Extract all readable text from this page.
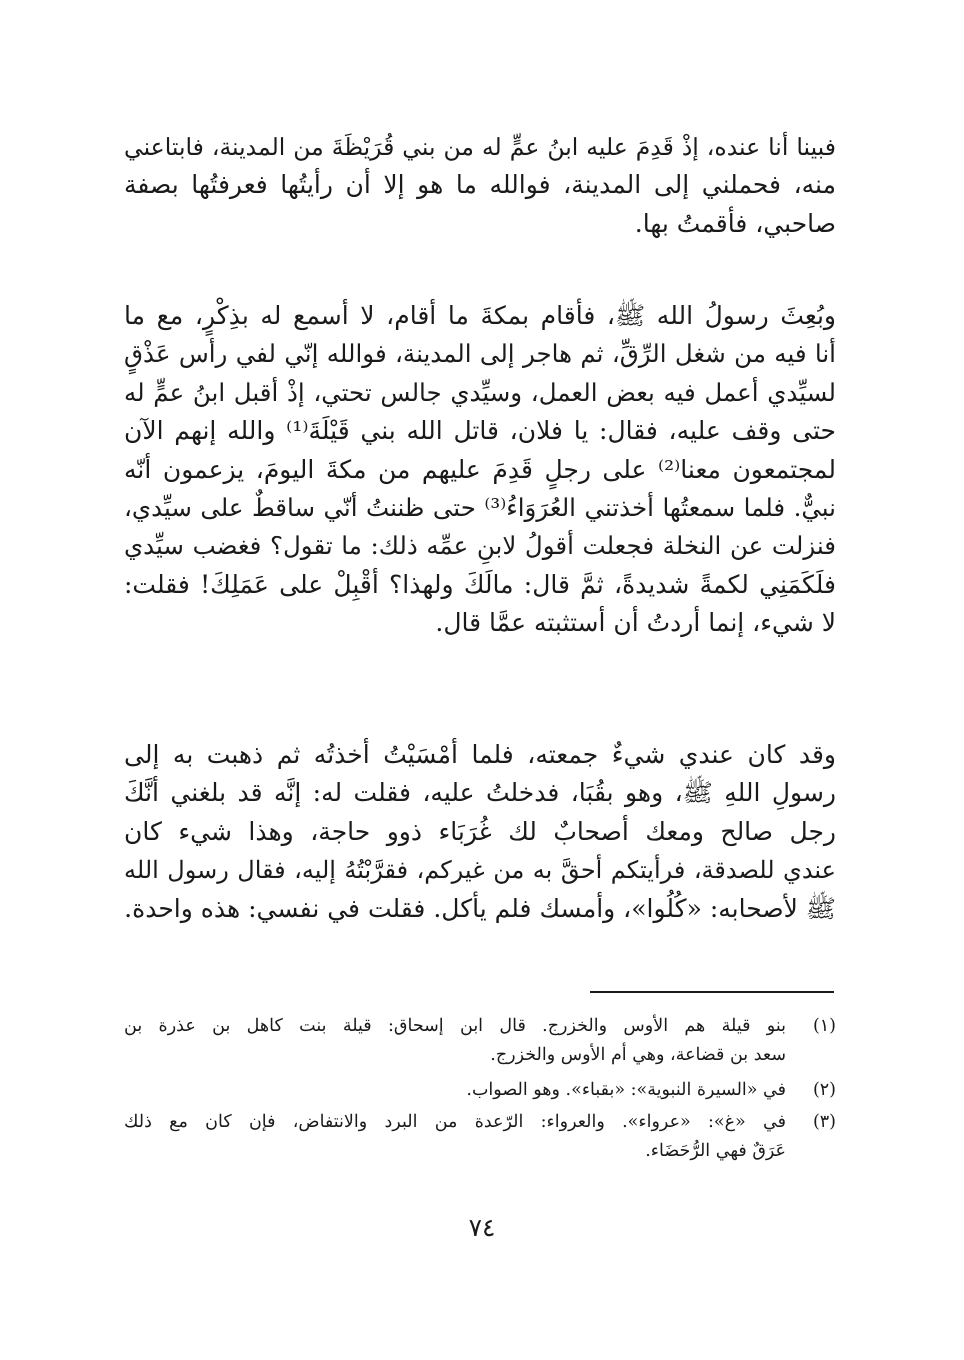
فبينا أنا عنده، إذْ قَدِمَ عليه ابنُ عمٍّ له من بني قُرَيْظَةَ من المدينة، فابتاعني
منه، فحملني إلى المدينة، فوالله ما هو إلا أن رأيتُها فعرفتُها بصفة
صاحبي، فأقمتُ بها.
وبُعِثَ رسولُ الله ﷺ، فأقام بمكةَ ما أقام، لا أسمع له بذِكْرٍ، مع ما
أنا فيه من شغل الرِّقِّ، ثم هاجر إلى المدينة، فوالله إنّي لفي رأس عَذْقٍ
لسيِّدي أعمل فيه بعض العمل، وسيِّدي جالس تحتي، إذْ أقبل ابنُ عمٍّ له
حتى وقف عليه، فقال: يا فلان، قاتل الله بني قَيْلَةَ⁽¹⁾ والله إنهم الآن
لمجتمعون معنا⁽²⁾ على رجلٍ قَدِمَ عليهم من مكةَ اليومَ، يزعمون أنّه
نبيٌّ. فلما سمعتُها أخذتني العُرَوَاءُ⁽³⁾ حتى ظننتُ أنّي ساقطٌ على سيِّدي،
فنزلت عن النخلة فجعلت أقولُ لابنِ عمِّه ذلك: ما تقول؟ فغضب سيِّدي
فلَكَمَنِي لكمةً شديدةً، ثمَّ قال: مالَكَ ولهذا؟ أقْبِلْ على عَمَلِكَ! فقلت:
لا شيء، إنما أردتُ أن أستثبته عمَّا قال.
وقد كان عندي شيءٌ جمعته، فلما أمْسَيْتُ أخذتُه ثم ذهبت به إلى
رسولِ اللهِ ﷺ، وهو بقُبَا، فدخلتُ عليه، فقلت له: إنَّه قد بلغني أنَّكَ
رجل صالح ومعك أصحابٌ لك غُرَبَاء ذوو حاجة، وهذا شيء كان
عندي للصدقة، فرأيتكم أحقَّ به من غيركم، فقرَّبْتُهُ إليه، فقال رسول الله
ﷺ لأصحابه: «كُلُوا»، وأمسك فلم يأكل. فقلت في نفسي: هذه واحدة.
(١)
بنو قيلة هم الأوس والخزرج. قال ابن إسحاق: قيلة بنت كاهل بن عذرة بن
سعد بن قضاعة، وهي أم الأوس والخزرج.
(٢)
في «السيرة النبوية»: «بقباء». وهو الصواب.
(٣)
في «غ»: «عرواء». والعرواء: الرّعدة من البرد والانتفاض، فإن كان مع ذلك
عَرَقٌ فهي الرُّحَضَاء.
٧٤
